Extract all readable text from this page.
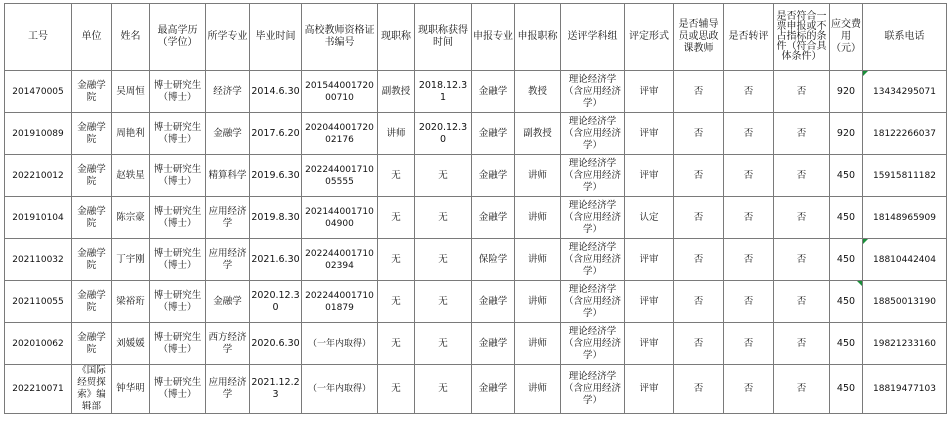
工号	单位	姓名	最高学历（学位）	所学专业	毕业时间	高校教师资格证书编号	现职称	现职称获得时间	申报专业	申报职称	送评学科组	评定形式	是否辅导员或思政课教师	是否转评	是否符合一票申报或不占指标的条件（符合具体条件）	应交费用（元）	联系电话
201470005	金融学院	吴周恒	博士研究生（博士）	经济学	2014.6.30	20154400172000710	副教授	2018.12.31	金融学	教授	理论经济学（含应用经济学）	评审	否	否	否	920	13434295071
201910089	金融学院	周艳利	博士研究生（博士）	金融学	2017.6.20	20204400172002176	讲师	2020.12.30	金融学	副教授	理论经济学（含应用经济学）	评审	否	否	否	920	18122266037
202210012	金融学院	赵轶星	博士研究生（博士）	精算科学	2019.6.30	20224400171005555	无	无	金融学	讲师	理论经济学（含应用经济学）	评审	否	否	否	450	15915811182
201910104	金融学院	陈宗豪	博士研究生（博士）	应用经济学	2019.8.30	20214400171004900	无	无	金融学	讲师	理论经济学（含应用经济学）	认定	否	否	否	450	18148965909
202110032	金融学院	丁宇刚	博士研究生（博士）	应用经济学	2021.6.30	20224400171002394	无	无	保险学	讲师	理论经济学（含应用经济学）	评审	否	否	否	450	18810442404
202110055	金融学院	梁裕珩	博士研究生（博士）	金融学	2020.12.30	20224400171001879	无	无	金融学	讲师	理论经济学（含应用经济学）	评审	否	否	否	450	18850013190
202010062	金融学院	刘媛媛	博士研究生（博士）	西方经济学	2020.6.30	（一年内取得）	无	无	金融学	讲师	理论经济学（含应用经济学）	评审	否	否	否	450	19821233160
202210071	《国际经贸探索》编辑部	钟华明	博士研究生（博士）	应用经济学	2021.12.23	（一年内取得）	无	无	金融学	讲师	理论经济学（含应用经济学）	评审	否	否	否	450	18819477103
